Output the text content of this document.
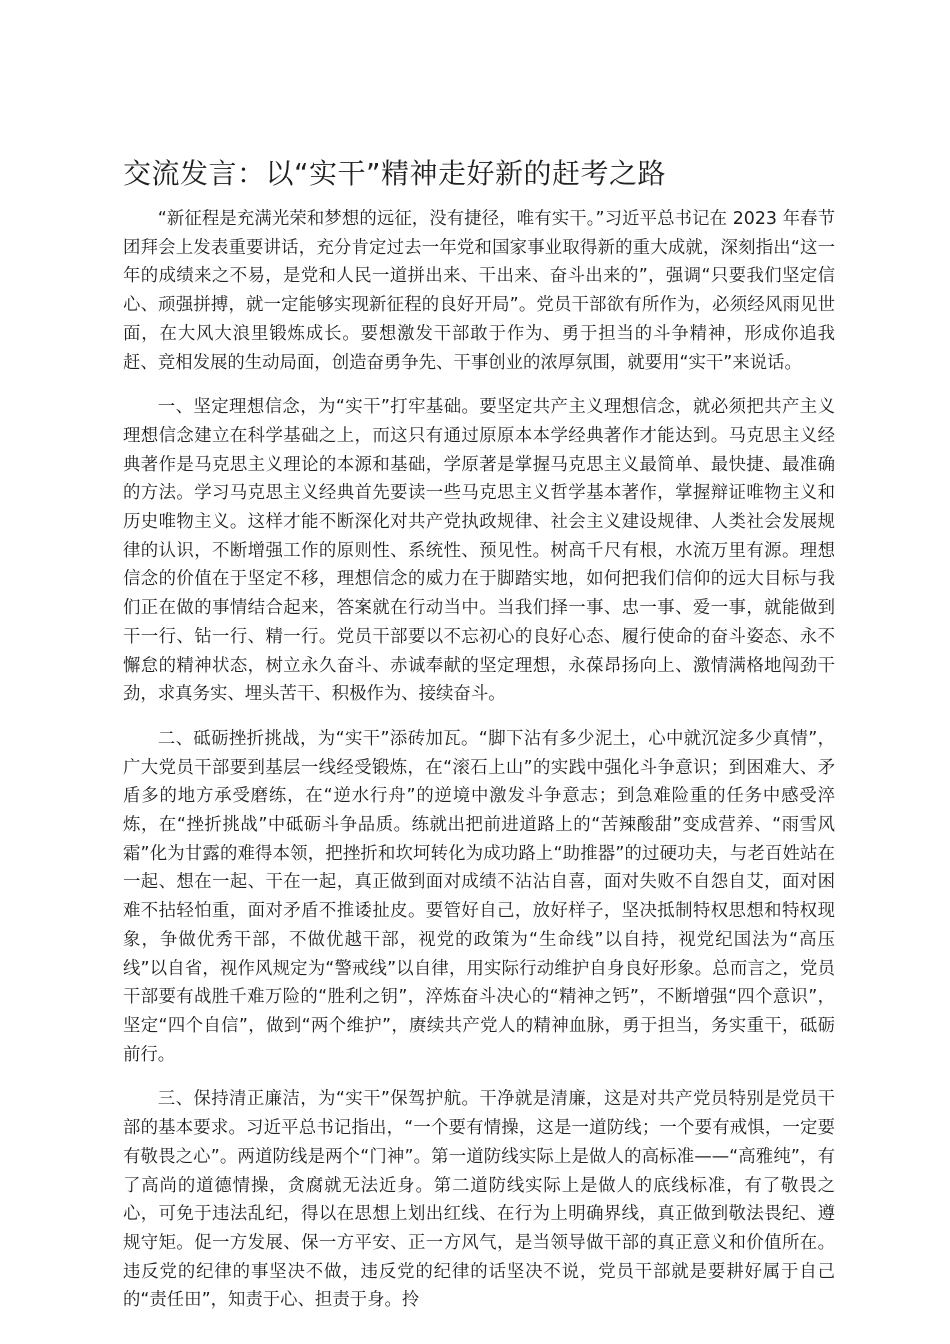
交流发言：以“实干”精神走好新的赶考之路

“新征程是充满光荣和梦想的远征，没有捷径，唯有实干。”习近平总书记在 2023 年春节团拜会上发表重要讲话，充分肯定过去一年党和国家事业取得新的重大成就，深刻指出“这一年的成绩来之不易，是党和人民一道拼出来、干出来、奋斗出来的”，强调“只要我们坚定信心、顽强拼搏，就一定能够实现新征程的良好开局”。党员干部欲有所作为，必须经风雨见世面，在大风大浪里锻炼成长。要想激发干部敢于作为、勇于担当的斗争精神，形成你追我赶、竞相发展的生动局面，创造奋勇争先、干事创业的浓厚氛围，就要用“实干”来说话。

一、坚定理想信念，为“实干”打牢基础。要坚定共产主义理想信念，就必须把共产主义理想信念建立在科学基础之上，而这只有通过原原本本学经典著作才能达到。马克思主义经典著作是马克思主义理论的本源和基础，学原著是掌握马克思主义最简单、最快捷、最准确的方法。学习马克思主义经典首先要读一些马克思主义哲学基本著作，掌握辩证唯物主义和历史唯物主义。这样才能不断深化对共产党执政规律、社会主义建设规律、人类社会发展规律的认识，不断增强工作的原则性、系统性、预见性。树高千尺有根，水流万里有源。理想信念的价值在于坚定不移，理想信念的威力在于脚踏实地，如何把我们信仰的远大目标与我们正在做的事情结合起来，答案就在行动当中。当我们择一事、忠一事、爱一事，就能做到干一行、钻一行、精一行。党员干部要以不忘初心的良好心态、履行使命的奋斗姿态、永不懈怠的精神状态，树立永久奋斗、赤诚奉献的坚定理想，永葆昂扬向上、激情满格地闯劲干劲，求真务实、埋头苦干、积极作为、接续奋斗。

二、砥砺挫折挑战，为“实干”添砖加瓦。“脚下沾有多少泥土，心中就沉淀多少真情”，广大党员干部要到基层一线经受锻炼，在“滚石上山”的实践中强化斗争意识；到困难大、矛盾多的地方承受磨练，在“逆水行舟”的逆境中激发斗争意志；到急难险重的任务中感受淬炼，在“挫折挑战”中砥砺斗争品质。练就出把前进道路上的“苦辣酸甜”变成营养、“雨雪风霜”化为甘露的难得本领，把挫折和坎坷转化为成功路上“助推器”的过硬功夫，与老百姓站在一起、想在一起、干在一起，真正做到面对成绩不沾沾自喜，面对失败不自怨自艾，面对困难不拈轻怕重，面对矛盾不推诿扯皮。要管好自己，放好样子，坚决抵制特权思想和特权现象，争做优秀干部，不做优越干部，视党的政策为“生命线”以自持，视党纪国法为“高压线”以自省，视作风规定为“警戒线”以自律，用实际行动维护自身良好形象。总而言之，党员干部要有战胜千难万险的“胜利之钥”，淬炼奋斗决心的“精神之钙”，不断增强“四个意识”，坚定“四个自信”，做到“两个维护”，赓续共产党人的精神血脉，勇于担当，务实重干，砥砺前行。

三、保持清正廉洁，为“实干”保驾护航。干净就是清廉，这是对共产党员特别是党员干部的基本要求。习近平总书记指出，“一个要有情操，这是一道防线；一个要有戒惧，一定要有敬畏之心”。两道防线是两个“门神”。第一道防线实际上是做人的高标准——“高雅纯”，有了高尚的道德情操，贪腐就无法近身。第二道防线实际上是做人的底线标准，有了敬畏之心，可免于违法乱纪，得以在思想上划出红线、在行为上明确界线，真正做到敬法畏纪、遵规守矩。促一方发展、保一方平安、正一方风气，是当领导做干部的真正意义和价值所在。违反党的纪律的事坚决不做，违反党的纪律的话坚决不说，党员干部就是要耕好属于自己的“责任田”，知责于心、担责于身。拎
